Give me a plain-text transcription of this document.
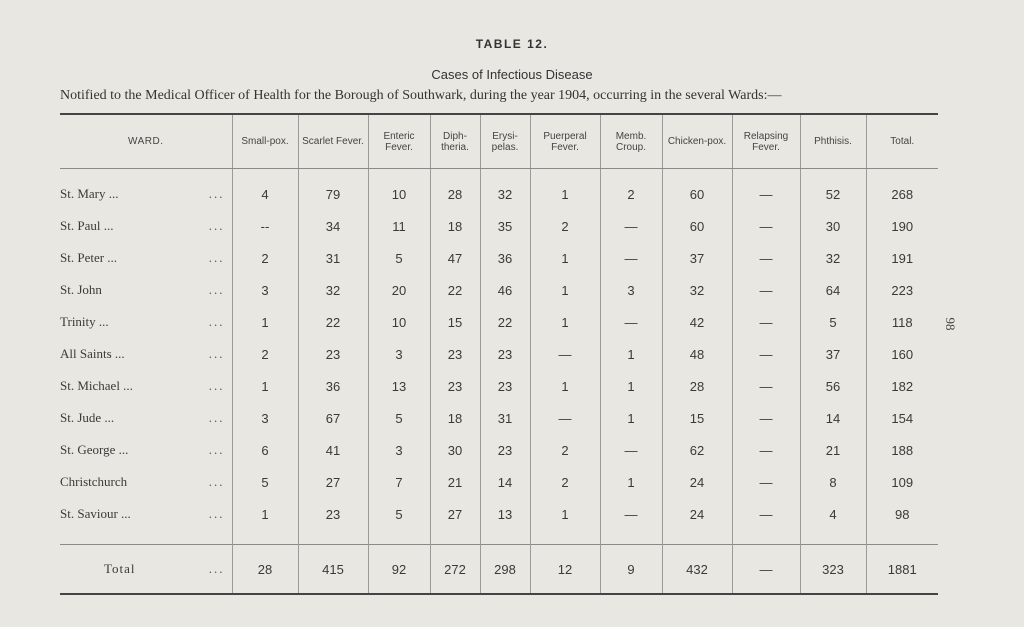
TABLE 12.
Cases of Infectious Disease
Notified to the Medical Officer of Health for the Borough of Southwark, during the year 1904, occurring in the several Wards:—
98
WARD.	Small-pox.	Scarlet Fever.	Enteric Fever.	Diph-theria.	Erysi-pelas.	Puerperal Fever.	Memb. Croup.	Chicken-pox.	Relapsing Fever.	Phthisis.	Total.

...
St. Mary ...	4	79	10	28	32	1	2	60	—	52	268

...
St. Paul ...	--	34	11	18	35	2	—	60	—	30	190

...
St. Peter ...	2	31	5	47	36	1	—	37	—	32	191

...
St. John	3	32	20	22	46	1	3	32	—	64	223

...
Trinity ...	1	22	10	15	22	1	—	42	—	5	118

...
All Saints ...	2	23	3	23	23	—	1	48	—	37	160

...
St. Michael ...	1	36	13	23	23	1	1	28	—	56	182

...
St. Jude ...	3	67	5	18	31	—	1	15	—	14	154

...
St. George ...	6	41	3	30	23	2	—	62	—	21	188

...
Christchurch	5	27	7	21	14	2	1	24	—	8	109

...
St. Saviour ...	1	23	5	27	13	1	—	24	—	4	98

...
Total	28	415	92	272	298	12	9	432	—	323	1881
